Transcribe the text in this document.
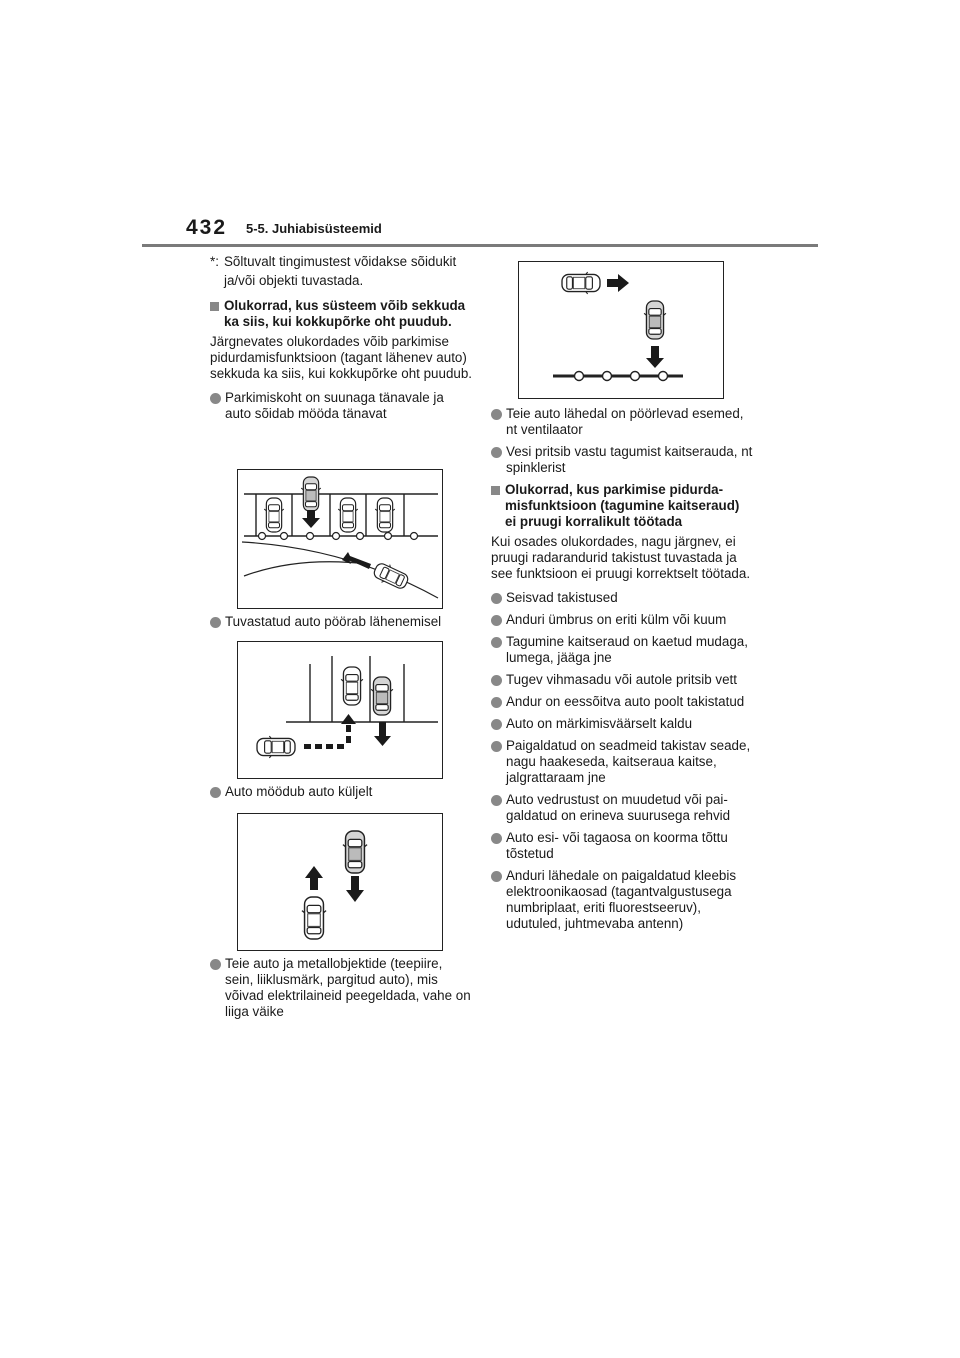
432 5-5. Juhiabisüsteemid
*: Sõltuvalt tingimustest võidakse sõidukit ja/või objekti tuvastada.
Olukorrad, kus süsteem võib sekkuda ka siis, kui kokkupõrke oht puudub.

Järgnevates olukordades võib parkimise pidurdamisfunktsioon (tagant lähenev auto) sekkuda ka siis, kui kokkupõrke oht puudub.

Parkimiskoht on suunaga tänavale ja auto sõidab mööda tänavat
Tuvastatud auto pöörab lähenemisel
Auto möödub auto küljelt
Teie auto ja metallobjektide (teepiire, sein, liiklusmärk, pargitud auto), mis võivad elektrilaineid peegeldada, vahe on liiga väike
Teie auto lähedal on pöörlevad esemed, nt ventilaator
Vesi pritsib vastu tagumist kaitserauda, nt spinklerist
Olukorrad, kus parkimise pidurdamisfunktsioon (tagumine kaitseraud) ei pruugi korralikult töötada

Kui osades olukordades, nagu järgnev, ei pruugi radarandurid takistust tuvastada ja see funktsioon ei pruugi korrektselt töötada.

Seisvad takistused
Anduri ümbrus on eriti külm või kuum
Tagumine kaitseraud on kaetud mudaga, lumega, jääga jne
Tugev vihmasadu või autole pritsib vett
Andur on eessõitva auto poolt takistatud
Auto on märkimisväärselt kaldu
Paigaldatud on seadmeid takistav seade, nagu haakeseda, kaitseraua kaitse, jalgrattaraam jne
Auto vedrustust on muudetud või paigaldatud on erineva suurusega rehvid
Auto esi- või tagaosa on koorma tõttu tõstetud
Anduri lähedale on paigaldatud kleebis elektroonikaosad (tagantvalgustusega numbriplaat, eriti fluorestseeruv), udutuled, juhtmevaba antenn)
